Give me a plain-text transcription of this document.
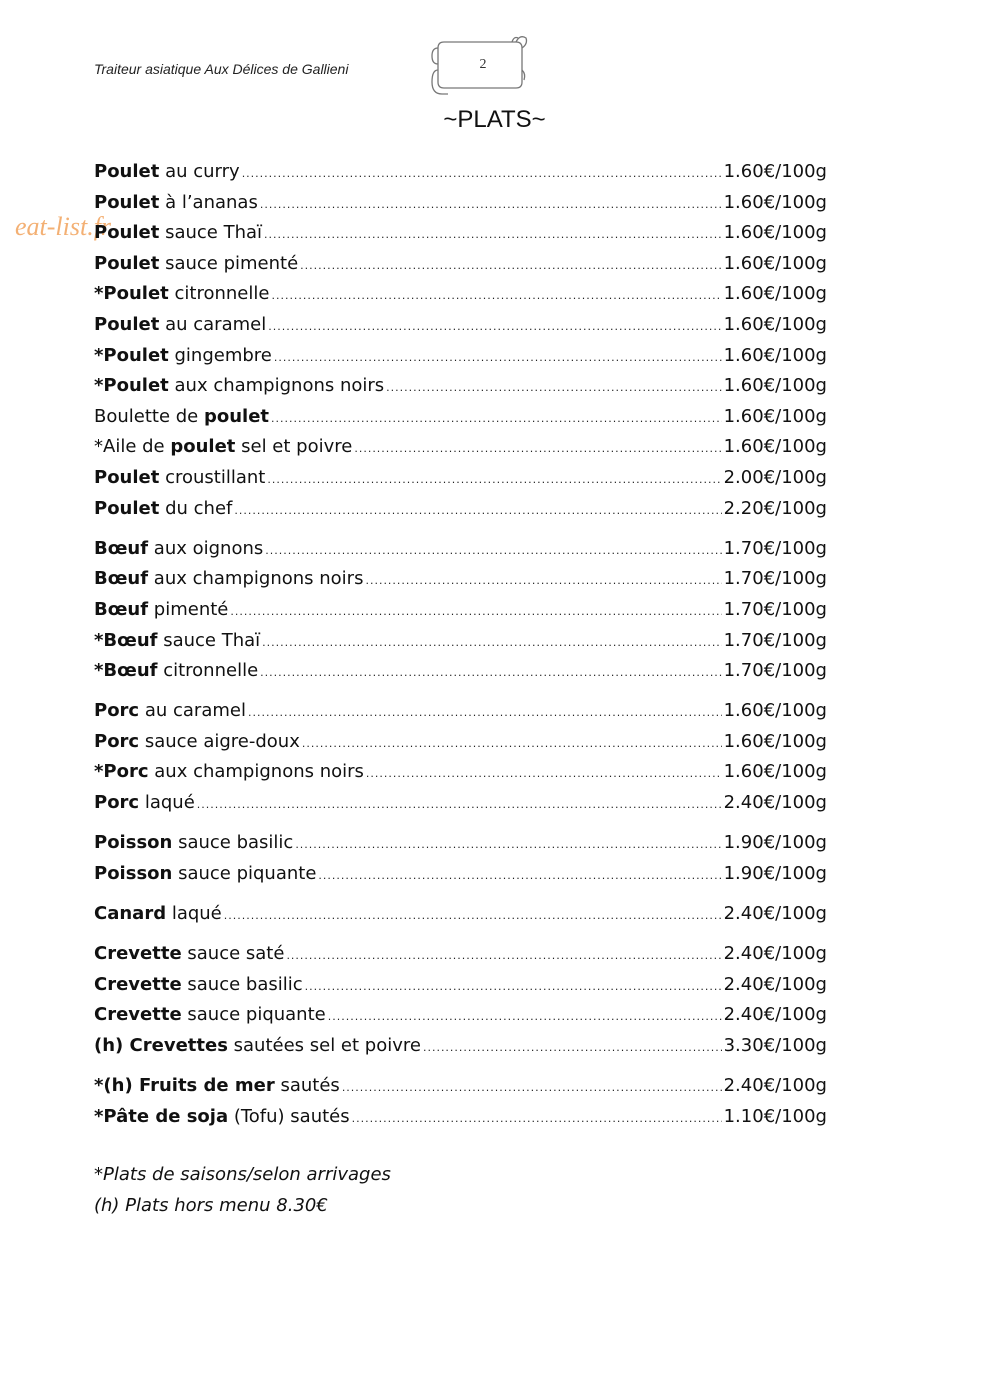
Traiteur asiatique Aux Délices de Gallieni	2
~PLATS~
eat-list.fr
Poulet au curry .....	1.60€/100g
Poulet à l’ananas .....	1.60€/100g
Poulet sauce Thaï .....	1.60€/100g
Poulet sauce pimenté .....	1.60€/100g
*Poulet citronnelle .....	1.60€/100g
Poulet au caramel .....	1.60€/100g
*Poulet gingembre .....	1.60€/100g
*Poulet aux champignons noirs .....	1.60€/100g
Boulette de poulet .....	1.60€/100g
*Aile de poulet sel et poivre .....	1.60€/100g
Poulet croustillant .....	2.00€/100g
Poulet du chef .....	2.20€/100g
Bœuf aux oignons .....	1.70€/100g
Bœuf aux champignons noirs .....	1.70€/100g
Bœuf pimenté .....	1.70€/100g
*Bœuf sauce Thaï .....	1.70€/100g
*Bœuf citronnelle .....	1.70€/100g
Porc au caramel .....	1.60€/100g
Porc sauce aigre-doux .....	1.60€/100g
*Porc aux champignons noirs .....	1.60€/100g
Porc laqué .....	2.40€/100g
Poisson sauce basilic .....	1.90€/100g
Poisson sauce piquante .....	1.90€/100g
Canard laqué .....	2.40€/100g
Crevette sauce saté .....	2.40€/100g
Crevette sauce basilic .....	2.40€/100g
Crevette sauce piquante .....	2.40€/100g
(h) Crevettes sautées sel et poivre .....	3.30€/100g
*(h) Fruits de mer sautés .....	2.40€/100g
*Pâte de soja (Tofu) sautés .....	1.10€/100g
*Plats de saisons/selon arrivages
(h) Plats hors menu 8.30€
